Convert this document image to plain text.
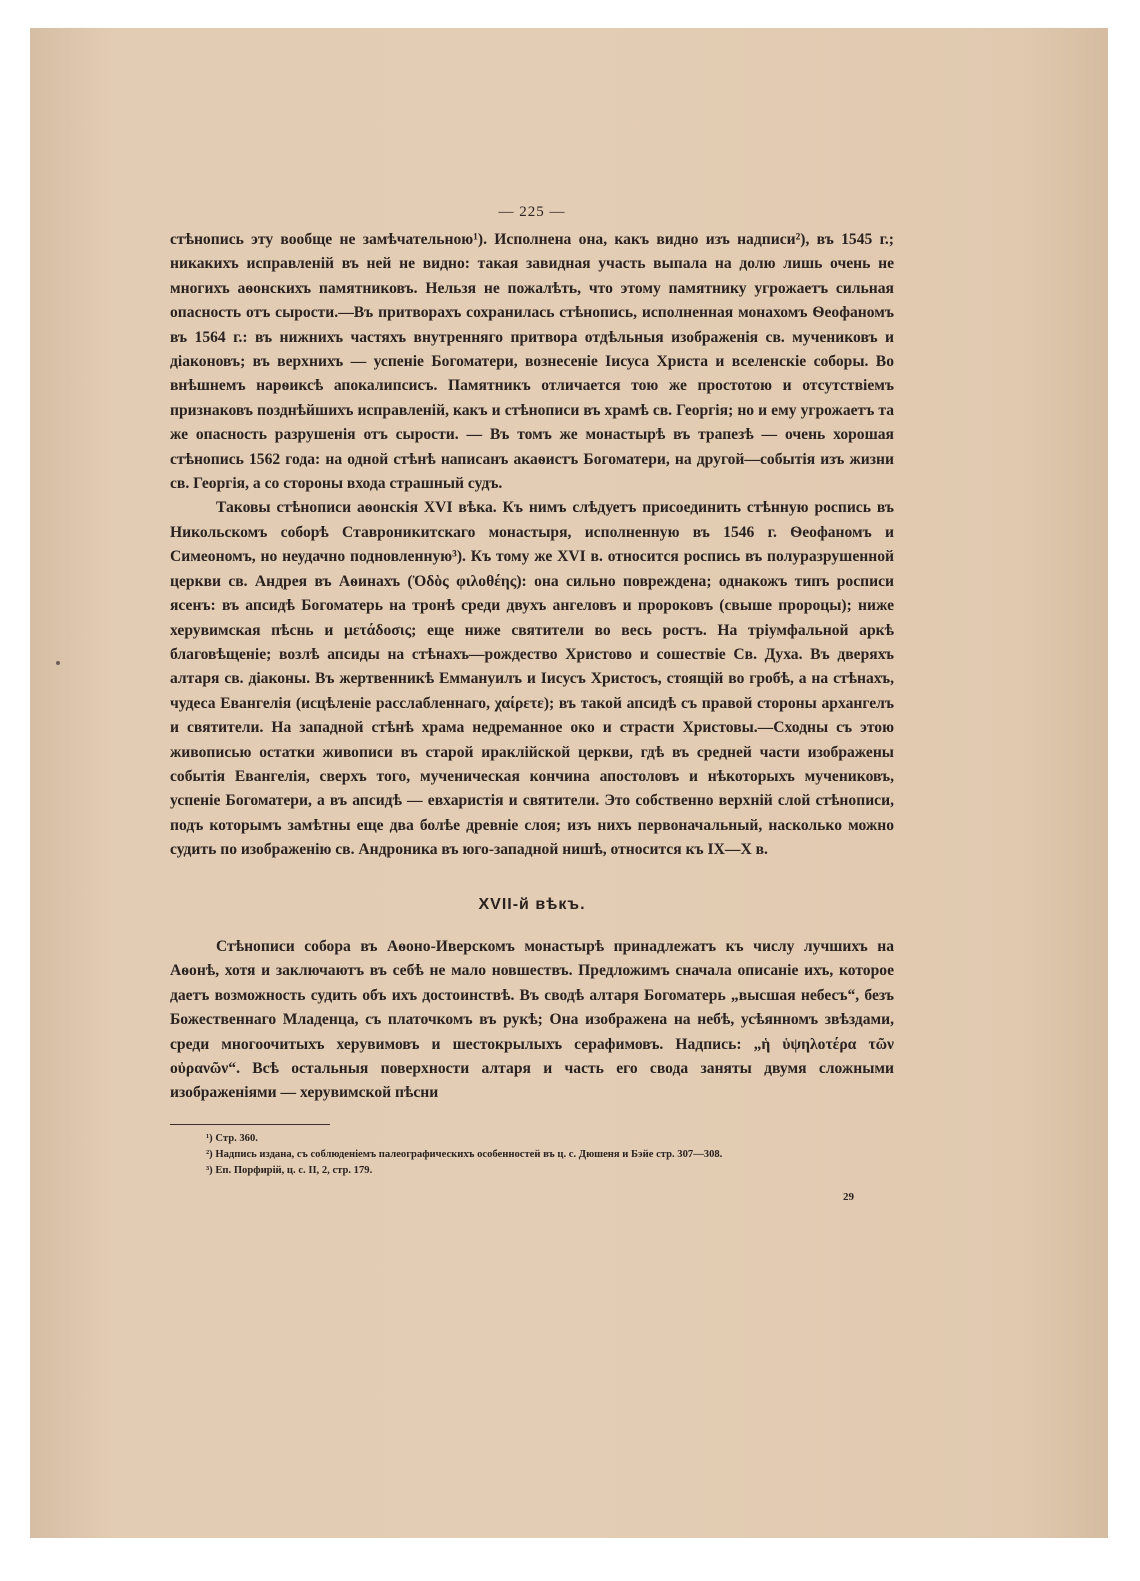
— 225 —

стѣнопись эту вообще не замѣчательною¹). Исполнена она, какъ видно изъ надписи²), въ 1545 г.; никакихъ исправленій въ ней не видно: такая завидная участь выпала на долю лишь очень не многихъ аѳонскихъ памятниковъ. Нельзя не пожалѣть, что этому памятнику угрожаетъ сильная опасность отъ сырости.—Въ притворахъ сохранилась стѣнопись, исполненная монахомъ Ѳеофаномъ въ 1564 г.: въ нижнихъ частяхъ внутренняго притвора отдѣльныя изображенія св. мучениковъ и діаконовъ; въ верхнихъ — успеніе Богоматери, вознесеніе Іисуса Христа и вселенскіе соборы. Во внѣшнемъ нарѳиксѣ апокалипсисъ. Памятникъ отличается тою же простотою и отсутствіемъ признаковъ позднѣйшихъ исправленій, какъ и стѣнописи въ храмѣ св. Георгія; но и ему угрожаетъ та же опасность разрушенія отъ сырости. — Въ томъ же монастырѣ въ трапезѣ — очень хорошая стѣнопись 1562 года: на одной стѣнѣ написанъ акаѳистъ Богоматери, на другой—событія изъ жизни св. Георгія, а со стороны входа страшный судъ.

Таковы стѣнописи аѳонскія XVI вѣка. Къ нимъ слѣдуетъ присоединить стѣнную роспись въ Никольскомъ соборѣ Ставроникитскаго монастыря, исполненную въ 1546 г. Ѳеофаномъ и Симеономъ, но неудачно подновленную³). Къ тому же XVI в. относится роспись въ полуразрушенной церкви св. Андрея въ Аѳинахъ (Ὀδὸς φιλοθέης): она сильно повреждена; однакожъ типъ росписи ясенъ: въ апсидѣ Богоматерь на тронѣ среди двухъ ангеловъ и пророковъ (свыше пророцы); ниже херувимская пѣснь и μετάδοσις; еще ниже святители во весь ростъ. На тріумфальной аркѣ благовѣщеніе; возлѣ апсиды на стѣнахъ—рождество Христово и сошествіе Св. Духа. Въ дверяхъ алтаря св. діаконы. Въ жертвенникѣ Еммануилъ и Іисусъ Христосъ, стоящій во гробѣ, а на стѣнахъ, чудеса Евангелія (исцѣленіе расслабленнаго, χαίρετε); въ такой апсидѣ съ правой стороны архангелъ и святители. На западной стѣнѣ храма недреманное око и страсти Христовы.—Сходны съ этою живописью остатки живописи въ старой ираклійской церкви, гдѣ въ средней части изображены событія Евангелія, сверхъ того, мученическая кончина апостоловъ и нѣкоторыхъ мучениковъ, успеніе Богоматери, а въ апсидѣ — евхаристія и святители. Это собственно верхній слой стѣнописи, подъ которымъ замѣтны еще два болѣе древніе слоя; изъ нихъ первоначальный, насколько можно судить по изображенію св. Андроника въ юго-западной нишѣ, относится къ IX—X в.

XVII-й вѣкъ.

Стѣнописи собора въ Аѳоно-Иверскомъ монастырѣ принадлежатъ къ числу лучшихъ на Аѳонѣ, хотя и заключаютъ въ себѣ не мало новшествъ. Предложимъ сначала описаніе ихъ, которое даетъ возможность судить объ ихъ достоинствѣ. Въ сводѣ алтаря Богоматерь „высшая небесъ“, безъ Божественнаго Младенца, съ платочкомъ въ рукѣ; Она изображена на небѣ, усѣянномъ звѣздами, среди многоочитыхъ херувимовъ и шестокрылыхъ серафимовъ. Надпись: „ἡ ὑψηλοτέρα τῶν οὐρανῶν“. Всѣ остальныя поверхности алтаря и часть его свода заняты двумя сложными изображеніями — херувимской пѣсни

¹) Стр. 360.
²) Надпись издана, съ соблюденіемъ палеографическихъ особенностей въ ц. с. Дюшеня и Бэйе стр. 307—308.
³) Еп. Порфирій, ц. с. II, 2, стр. 179.
29
